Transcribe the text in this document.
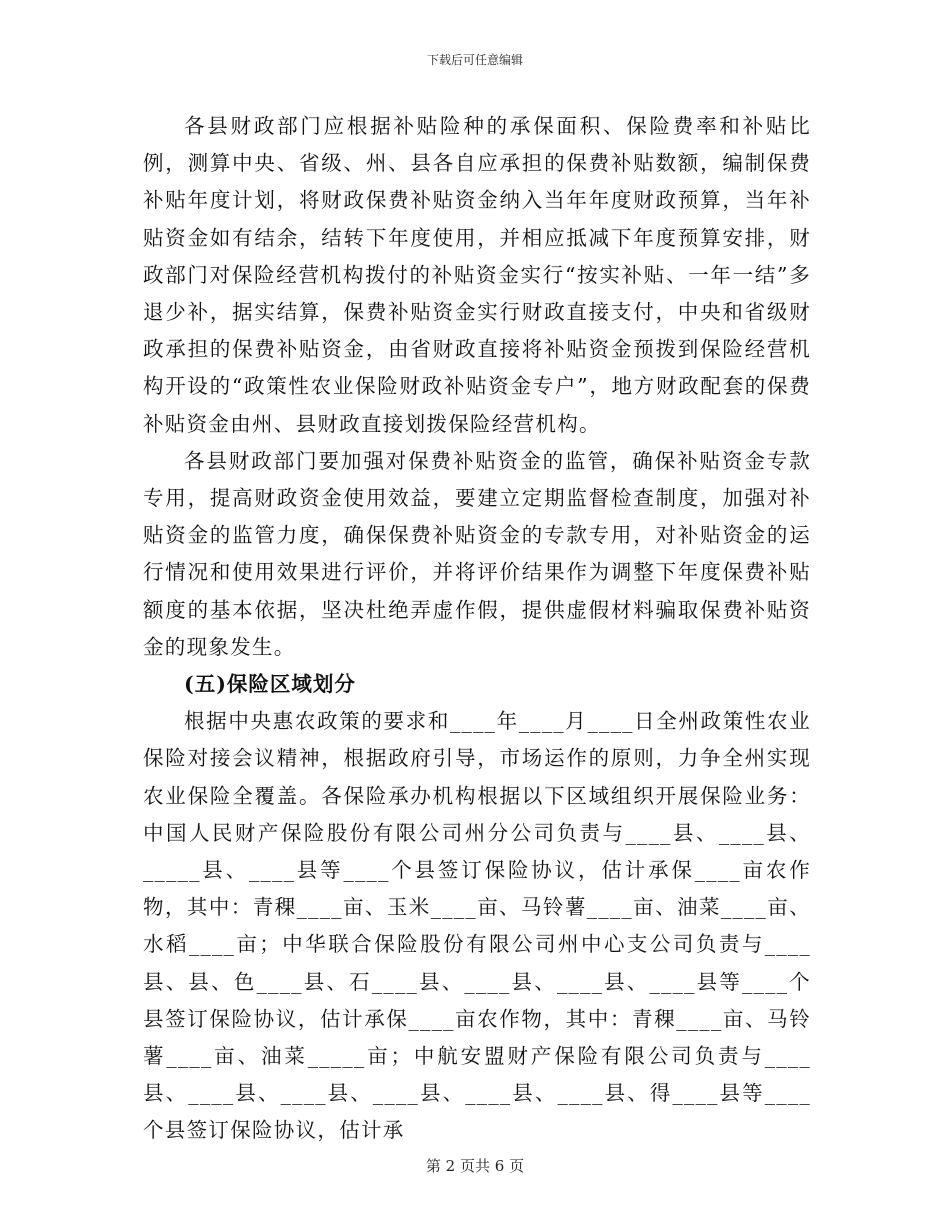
下载后可任意编辑

各县财政部门应根据补贴险种的承保面积、保险费率和补贴比例，测算中央、省级、州、县各自应承担的保费补贴数额，编制保费补贴年度计划，将财政保费补贴资金纳入当年年度财政预算，当年补贴资金如有结余，结转下年度使用，并相应抵减下年度预算安排，财政部门对保险经营机构拨付的补贴资金实行“按实补贴、一年一结”多退少补，据实结算，保费补贴资金实行财政直接支付，中央和省级财政承担的保费补贴资金，由省财政直接将补贴资金预拨到保险经营机构开设的“政策性农业保险财政补贴资金专户”，地方财政配套的保费补贴资金由州、县财政直接划拨保险经营机构。

各县财政部门要加强对保费补贴资金的监管，确保补贴资金专款专用，提高财政资金使用效益，要建立定期监督检查制度，加强对补贴资金的监管力度，确保保费补贴资金的专款专用，对补贴资金的运行情况和使用效果进行评价，并将评价结果作为调整下年度保费补贴额度的基本依据，坚决杜绝弄虚作假，提供虚假材料骗取保费补贴资金的现象发生。

(五)保险区域划分

根据中央惠农政策的要求和____年____月____日全州政策性农业保险对接会议精神，根据政府引导，市场运作的原则，力争全州实现农业保险全覆盖。各保险承办机构根据以下区域组织开展保险业务：中国人民财产保险股份有限公司州分公司负责与____县、____县、_____县、____县等____个县签订保险协议，估计承保____亩农作物，其中：青稞____亩、玉米____亩、马铃薯____亩、油菜____亩、水稻____亩；中华联合保险股份有限公司州中心支公司负责与____县、县、色____县、石____县、____县、____县、____县等____个县签订保险协议，估计承保____亩农作物，其中：青稞____亩、马铃薯____亩、油菜_____亩；中航安盟财产保险有限公司负责与____县、____县、____县、____县、____县、____县、得____县等____个县签订保险协议，估计承

第 2 页共 6 页
